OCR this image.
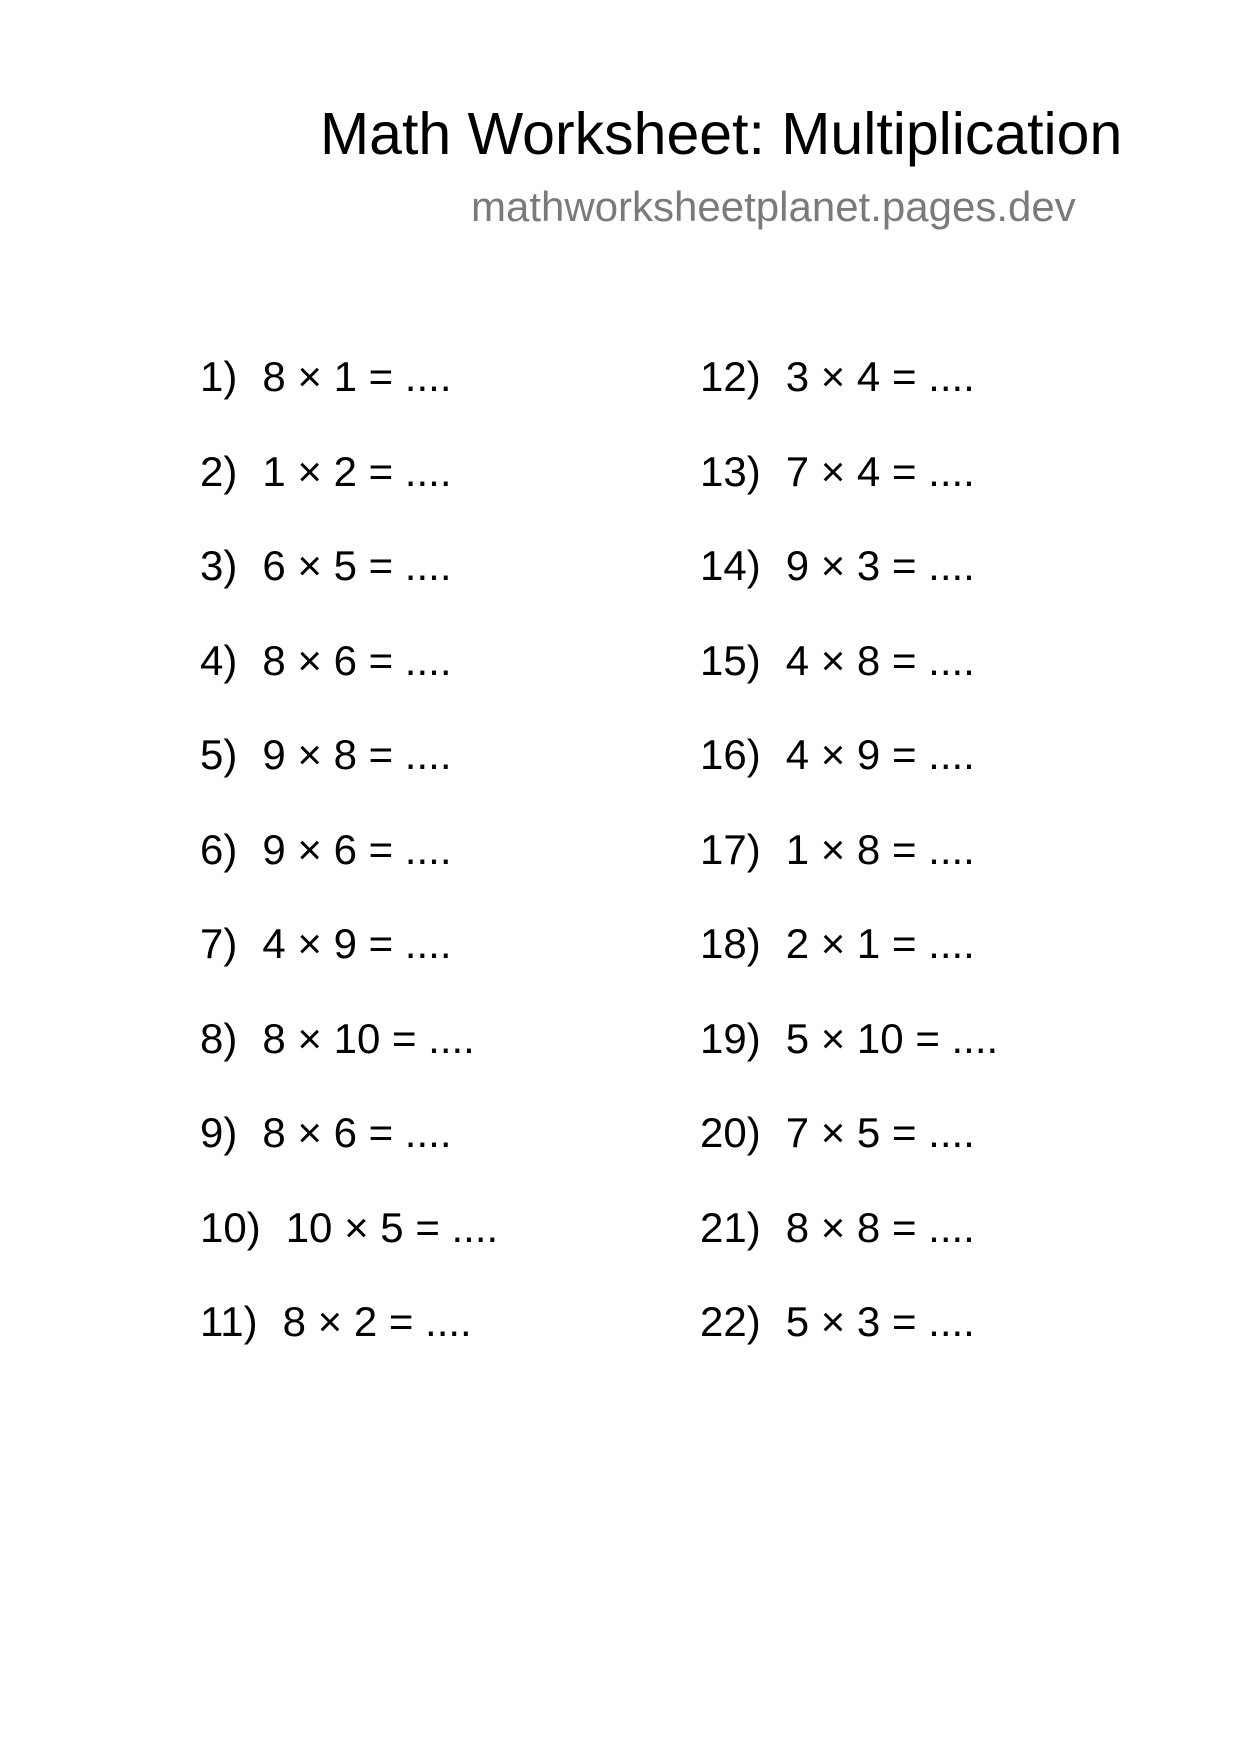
Math Worksheet: Multiplication
mathworksheetplanet.pages.dev
1) 8 × 1 = ....
2) 1 × 2 = ....
3) 6 × 5 = ....
4) 8 × 6 = ....
5) 9 × 8 = ....
6) 9 × 6 = ....
7) 4 × 9 = ....
8) 8 × 10 = ....
9) 8 × 6 = ....
10) 10 × 5 = ....
11) 8 × 2 = ....
12) 3 × 4 = ....
13) 7 × 4 = ....
14) 9 × 3 = ....
15) 4 × 8 = ....
16) 4 × 9 = ....
17) 1 × 8 = ....
18) 2 × 1 = ....
19) 5 × 10 = ....
20) 7 × 5 = ....
21) 8 × 8 = ....
22) 5 × 3 = ....
